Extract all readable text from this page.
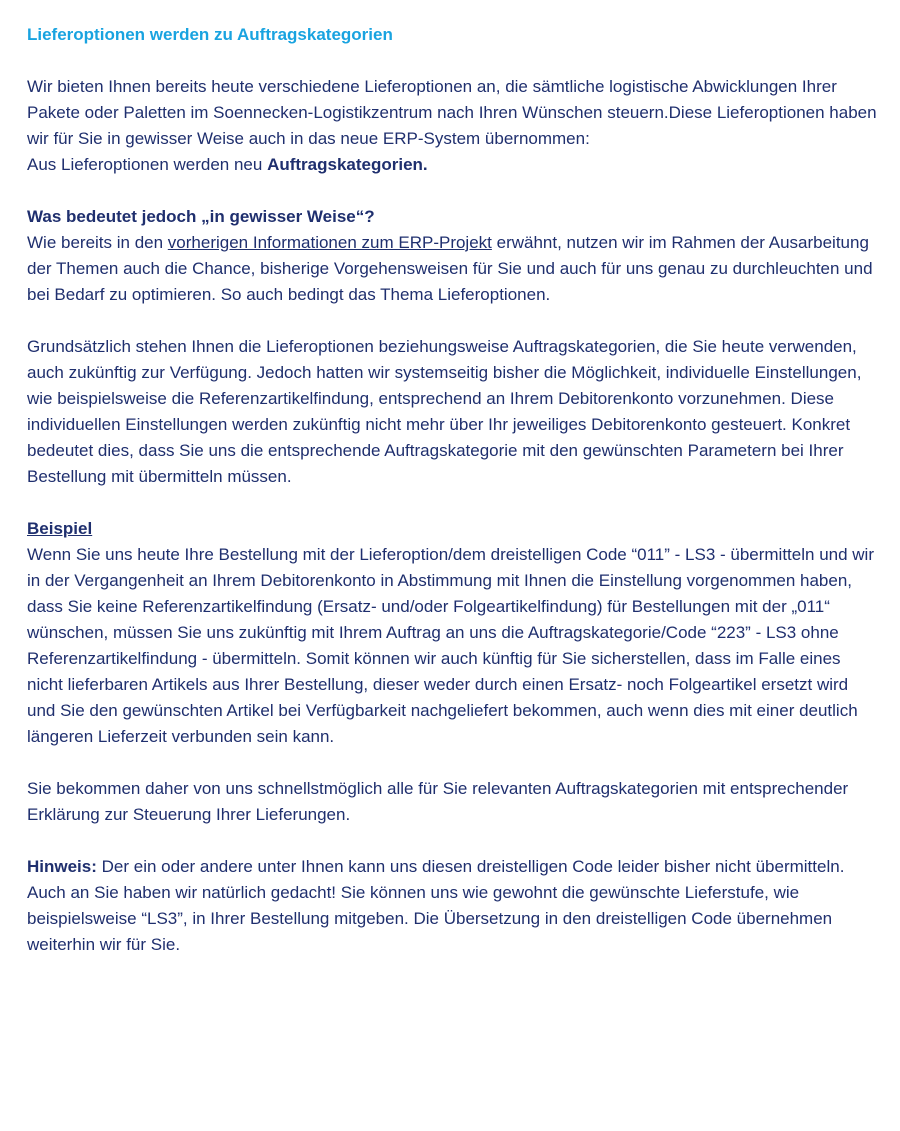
Lieferoptionen werden zu Auftragskategorien

Wir bieten Ihnen bereits heute verschiedene Lieferoptionen an, die sämtliche logistische Abwicklungen Ihrer Pakete oder Paletten im Soennecken-Logistikzentrum nach Ihren Wünschen steuern.Diese Lieferoptionen haben wir für Sie in gewisser Weise auch in das neue ERP-System übernommen:

Aus Lieferoptionen werden neu Auftragskategorien.

Was bedeutet jedoch „in gewisser Weise“?

Wie bereits in den vorherigen Informationen zum ERP-Projekt erwähnt, nutzen wir im Rahmen der Ausarbeitung der Themen auch die Chance, bisherige Vorgehensweisen für Sie und auch für uns genau zu durchleuchten und bei Bedarf zu optimieren. So auch bedingt das Thema Lieferoptionen.

Grundsätzlich stehen Ihnen die Lieferoptionen beziehungsweise Auftragskategorien, die Sie heute verwenden, auch zukünftig zur Verfügung. Jedoch hatten wir systemseitig bisher die Möglichkeit, individuelle Einstellungen, wie beispielsweise die Referenzartikelfindung, entsprechend an Ihrem Debitorenkonto vorzunehmen. Diese individuellen Einstellungen werden zukünftig nicht mehr über Ihr jeweiliges Debitorenkonto gesteuert. Konkret bedeutet dies, dass Sie uns die entsprechende Auftragskategorie mit den gewünschten Parametern bei Ihrer Bestellung mit übermitteln müssen.

Beispiel

Wenn Sie uns heute Ihre Bestellung mit der Lieferoption/dem dreistelligen Code “011” - LS3 - übermitteln und wir in der Vergangenheit an Ihrem Debitorenkonto in Abstimmung mit Ihnen die Einstellung vorgenommen haben, dass Sie keine Referenzartikelfindung (Ersatz- und/oder Folgeartikelfindung) für Bestellungen mit der „011“ wünschen, müssen Sie uns zukünftig mit Ihrem Auftrag an uns die Auftragskategorie/Code “223” - LS3 ohne Referenzartikelfindung - übermitteln. Somit können wir auch künftig für Sie sicherstellen, dass im Falle eines nicht lieferbaren Artikels aus Ihrer Bestellung, dieser weder durch einen Ersatz- noch Folgeartikel ersetzt wird und Sie den gewünschten Artikel bei Verfügbarkeit nachgeliefert bekommen, auch wenn dies mit einer deutlich längeren Lieferzeit verbunden sein kann.

Sie bekommen daher von uns schnellstmöglich alle für Sie relevanten Auftragskategorien mit entsprechender Erklärung zur Steuerung Ihrer Lieferungen.

Hinweis: Der ein oder andere unter Ihnen kann uns diesen dreistelligen Code leider bisher nicht übermitteln. Auch an Sie haben wir natürlich gedacht! Sie können uns wie gewohnt die gewünschte Lieferstufe, wie beispielsweise “LS3”, in Ihrer Bestellung mitgeben. Die Übersetzung in den dreistelligen Code übernehmen weiterhin wir für Sie.
